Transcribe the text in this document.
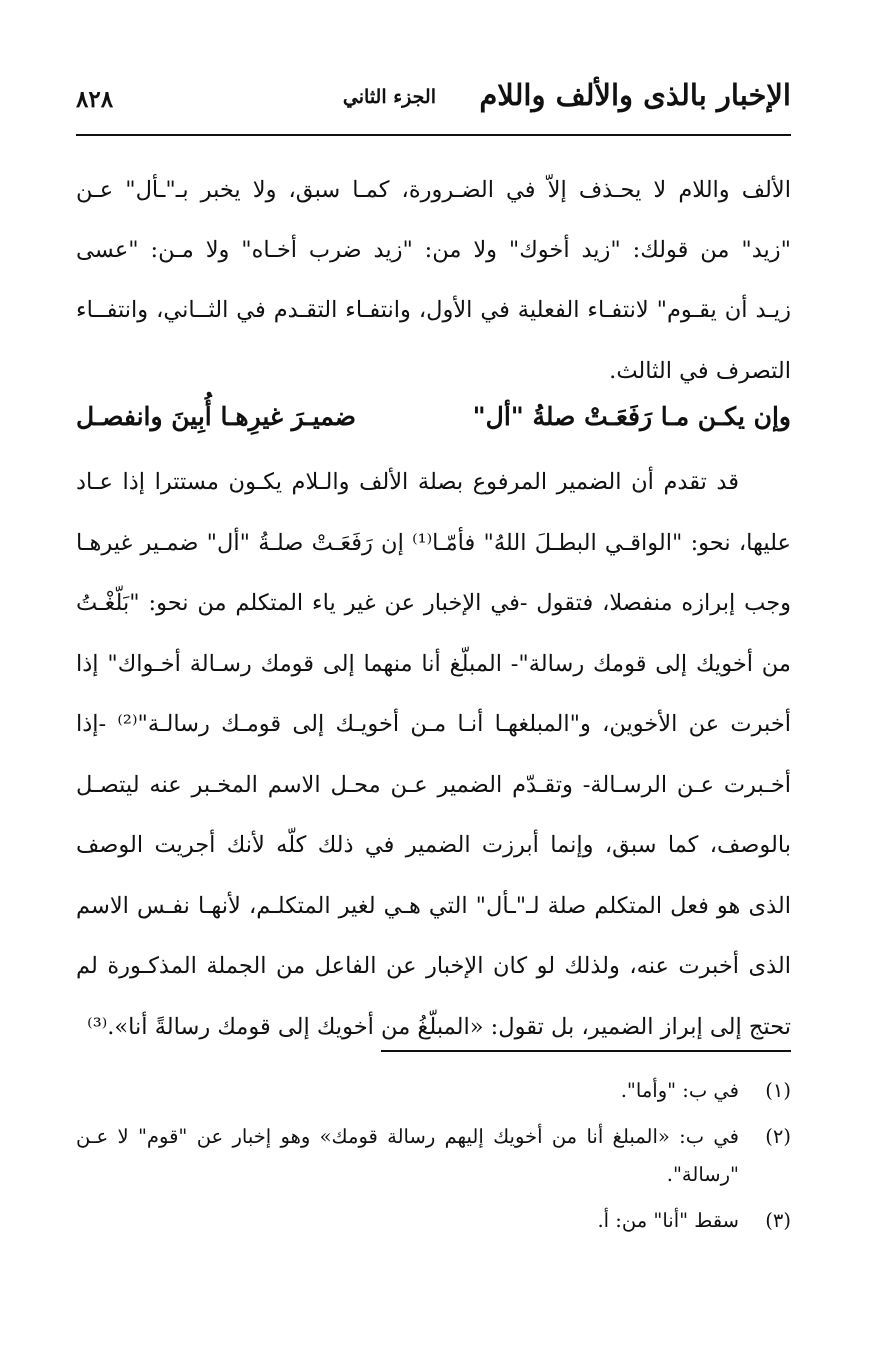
الإخبار بالذى والألف واللام
الجزء الثاني
٨٢٨

الألف واللام لا يحـذف إلاّ في الضـرورة، كمـا سبق، ولا يخبر بـ"ـأل" عـن

"زيد" من قولك: "زيد أخوك" ولا من: "زيد ضرب أخـاه" ولا مـن: "عسى

زيـد أن يقـوم" لانتفـاء الفعلية في الأول، وانتفـاء التقـدم في الثــاني، وانتفــاء

التصرف في الثالث.

وإن يكـن مـا رَفَعَـتْ صلةُ "أل"
ضميـرَ غيرِهـا أُبِينَ وانفصـل

قد تقدم أن الضمير المرفوع بصلة الألف والـلام يكـون مستترا إذا عـاد

عليها، نحو: "الواقـي البطـلَ اللهُ" فأمّـا⁽¹⁾ إن رَفَعَـتْ صلـةُ "أل" ضمـير غيرهـا

وجب إبرازه منفصلا، فتقول -في الإخبار عن غير ياء المتكلم من نحو: "بَلّغْـتُ

من أخويك إلى قومك رسالة"- المبلّغ أنا منهما إلى قومك رسـالة أخـواك" إذا

أخبرت عن الأخوين، و"المبلغهـا أنـا مـن أخويـك إلى قومـك رسالـة"⁽²⁾ -إذا

أخـبرت عـن الرسـالة- وتقـدّم الضمير عـن محـل الاسم المخـبر عنه ليتصـل

بالوصف، كما سبق، وإنما أبرزت الضمير في ذلك كلّه لأنك أجريت الوصف

الذى هو فعل المتكلم صلة لـ"ـأل" التي هـي لغير المتكلـم، لأنهـا نفـس الاسم

الذى أخبرت عنه، ولذلك لو كان الإخبار عن الفاعل من الجملة المذكـورة لم

تحتج إلى إبراز الضمير، بل تقول: «المبلّغُ من أخويك إلى قومك رسالةً أنا».⁽³⁾

(١)
في ب: "وأما".
(٢)
في ب: «المبلغ أنا من أخويك إليهم رسالة قومك» وهو إخبار عن "قوم" لا عـن "رسالة".
(٣)
سقط "أنا" من: أ.
